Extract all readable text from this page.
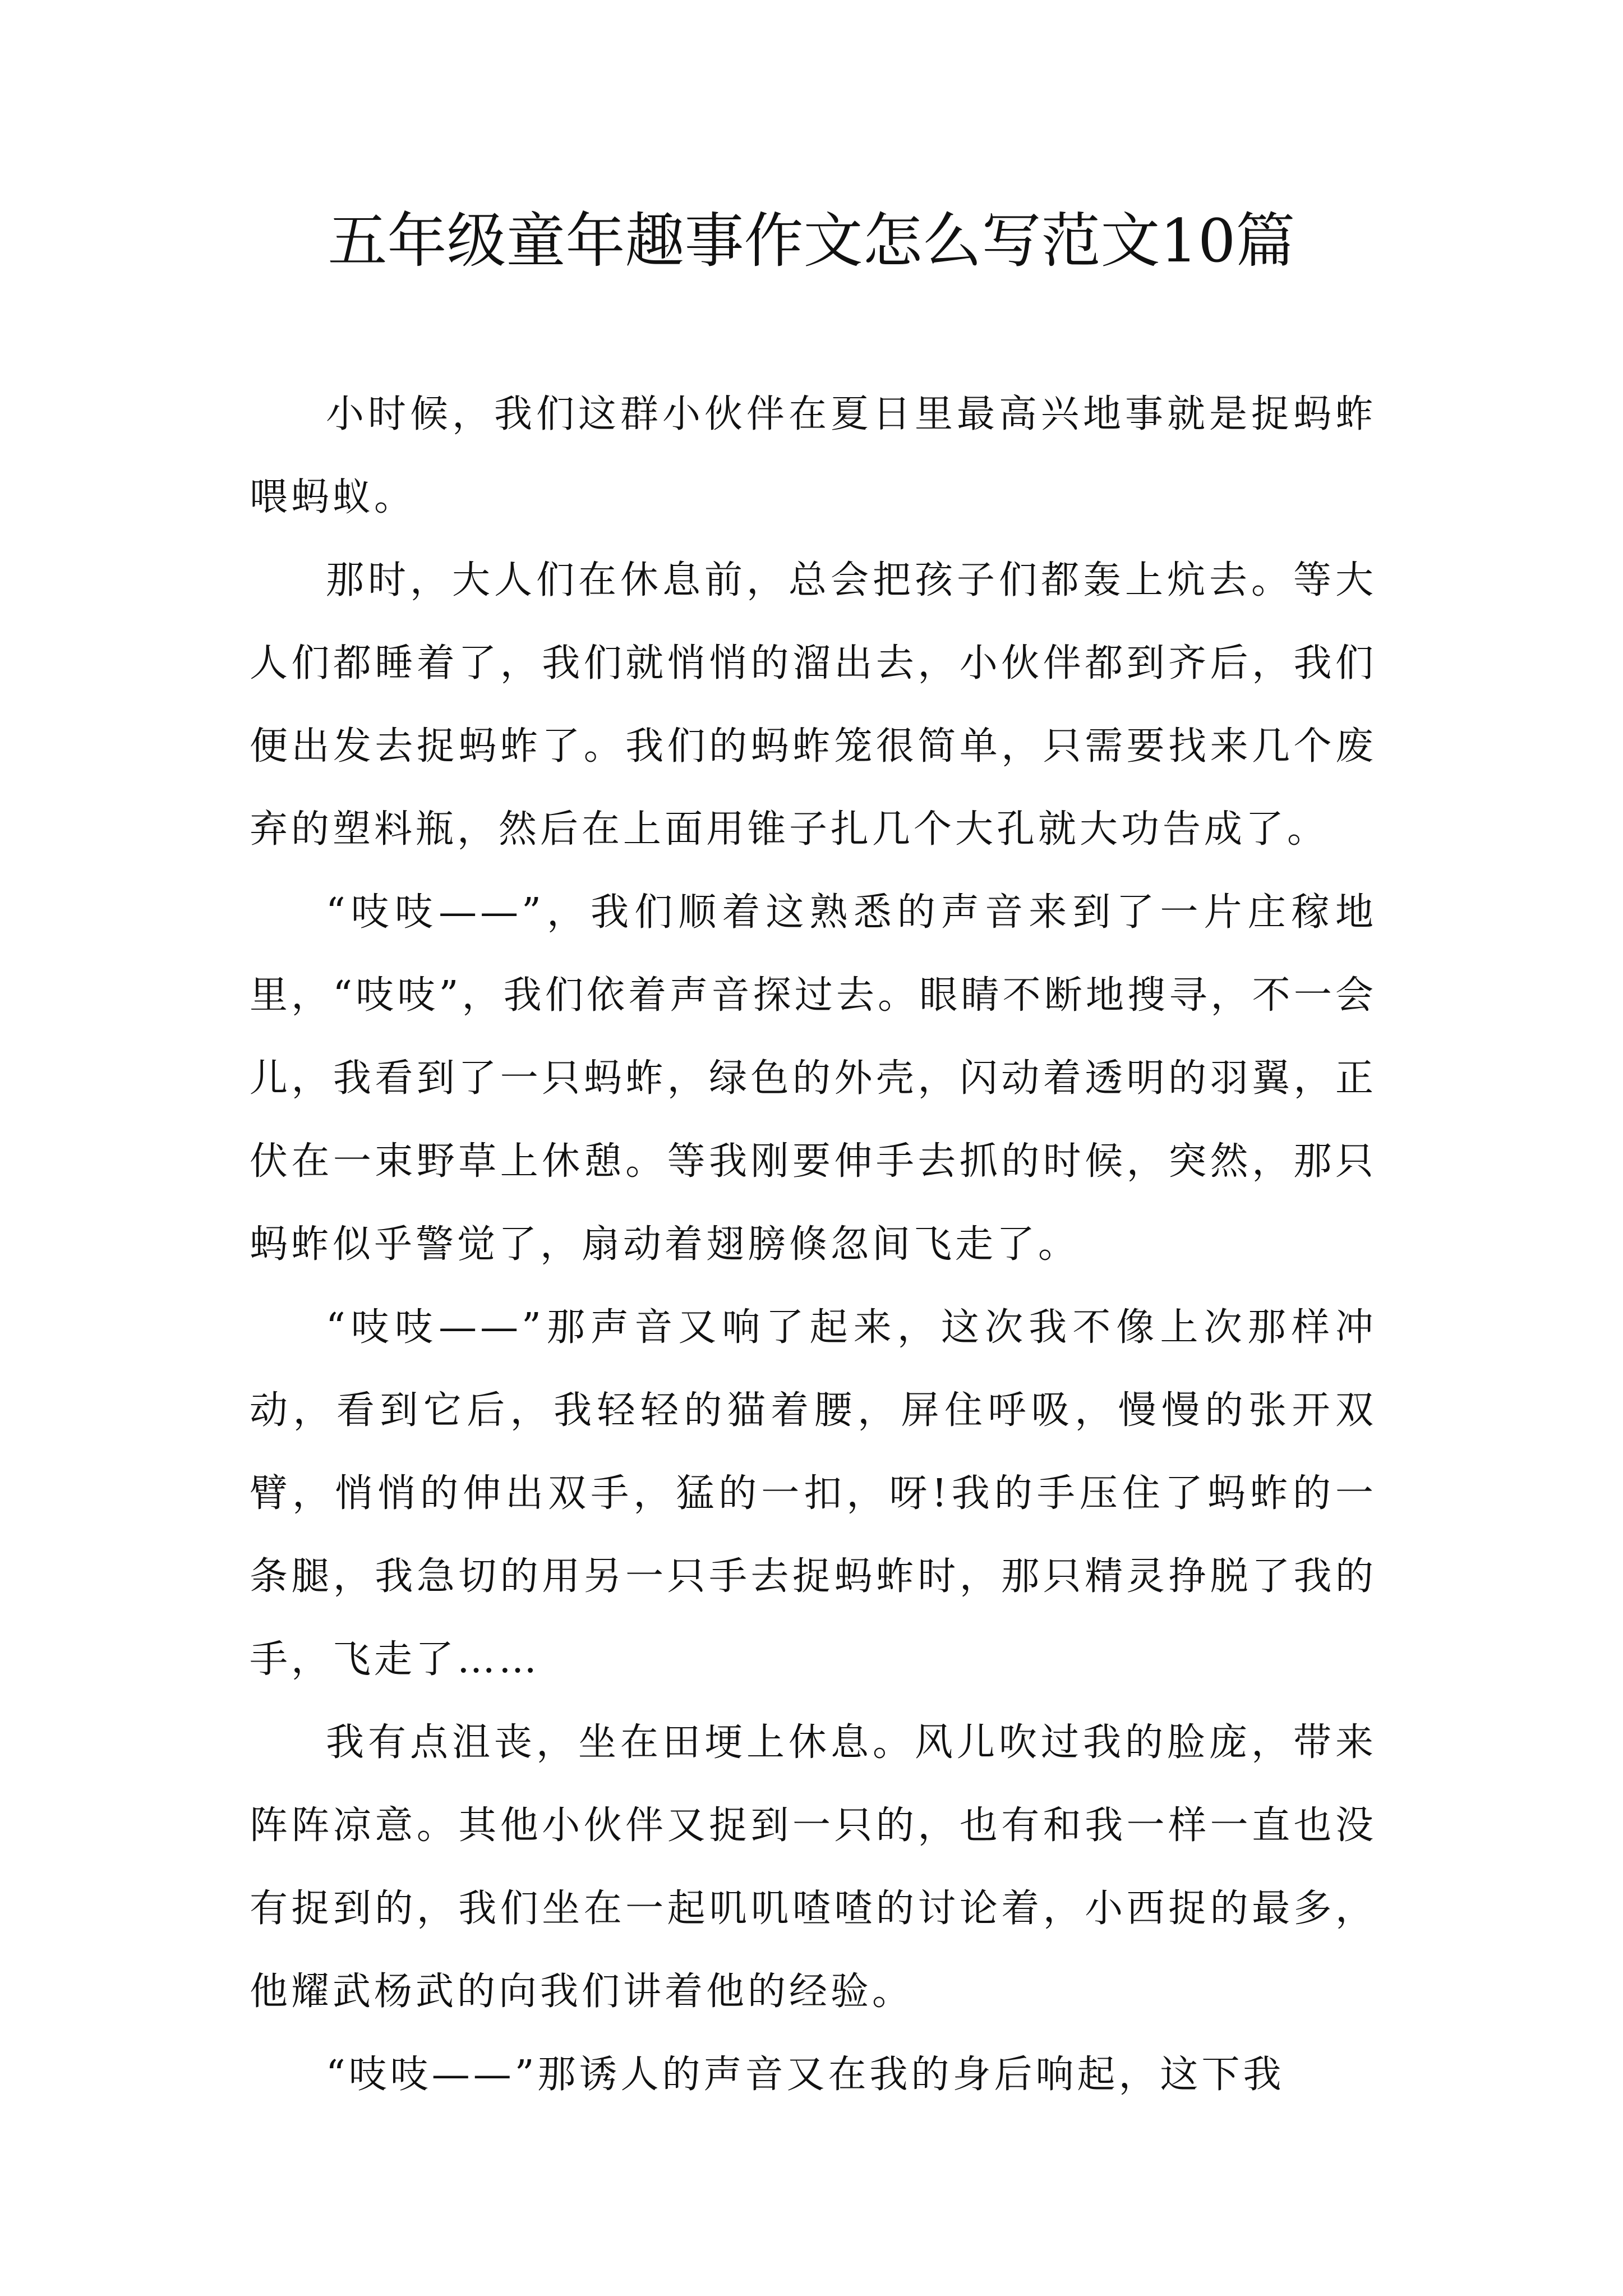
五年级童年趣事作文怎么写范文10篇

小时候，我们这群小伙伴在夏日里最高兴地事就是捉蚂蚱喂蚂蚁。

那时，大人们在休息前，总会把孩子们都轰上炕去。等大人们都睡着了，我们就悄悄的溜出去，小伙伴都到齐后，我们便出发去捉蚂蚱了。我们的蚂蚱笼很简单，只需要找来几个废弃的塑料瓶，然后在上面用锥子扎几个大孔就大功告成了。

“吱吱——”，我们顺着这熟悉的声音来到了一片庄稼地里，“吱吱”，我们依着声音探过去。眼睛不断地搜寻，不一会儿，我看到了一只蚂蚱，绿色的外壳，闪动着透明的羽翼，正伏在一束野草上休憩。等我刚要伸手去抓的时候，突然，那只蚂蚱似乎警觉了，扇动着翅膀倏忽间飞走了。

“吱吱——”那声音又响了起来，这次我不像上次那样冲动，看到它后，我轻轻的猫着腰，屏住呼吸，慢慢的张开双臂，悄悄的伸出双手，猛的一扣，呀!我的手压住了蚂蚱的一条腿，我急切的用另一只手去捉蚂蚱时，那只精灵挣脱了我的手，飞走了……

我有点沮丧，坐在田埂上休息。风儿吹过我的脸庞，带来阵阵凉意。其他小伙伴又捉到一只的，也有和我一样一直也没有捉到的，我们坐在一起叽叽喳喳的讨论着，小西捉的最多，他耀武杨武的向我们讲着他的经验。

“吱吱——”那诱人的声音又在我的身后响起，这下我
